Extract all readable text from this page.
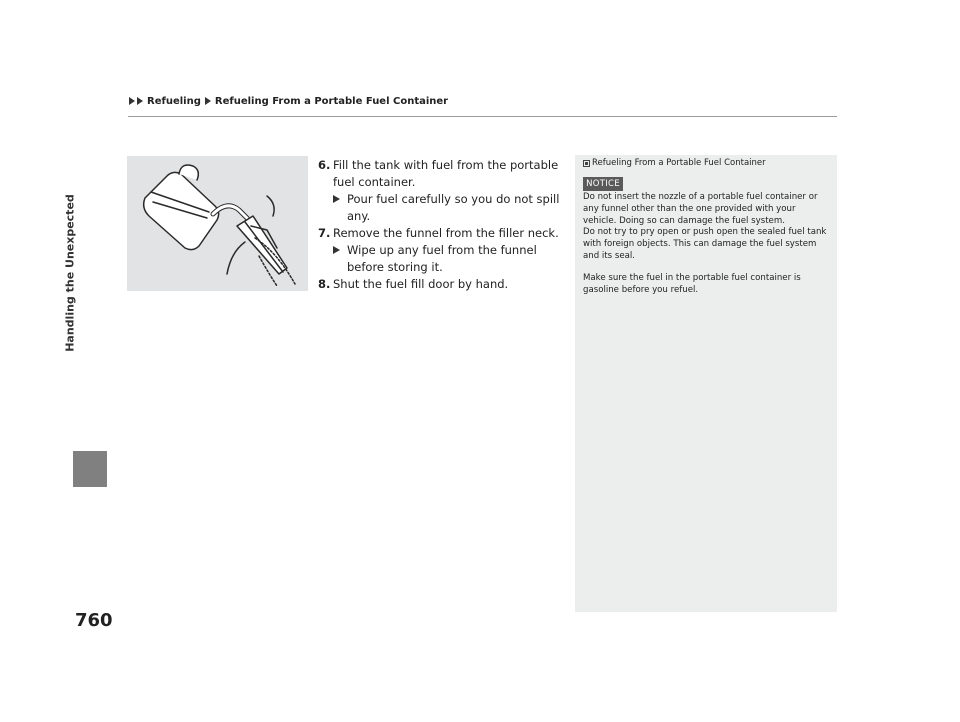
Refueling Refueling From a Portable Fuel Container
Handling the Unexpected
760
6. Fill the tank with fuel from the portable fuel container.
Pour fuel carefully so you do not spill any.
7. Remove the funnel from the filler neck.
Wipe up any fuel from the funnel before storing it.
8. Shut the fuel fill door by hand.
Refueling From a Portable Fuel Container
NOTICE

Do not insert the nozzle of a portable fuel container or any funnel other than the one provided with your vehicle. Doing so can damage the fuel system.

Do not try to pry open or push open the sealed fuel tank with foreign objects. This can damage the fuel system and its seal.

Make sure the fuel in the portable fuel container is gasoline before you refuel.
